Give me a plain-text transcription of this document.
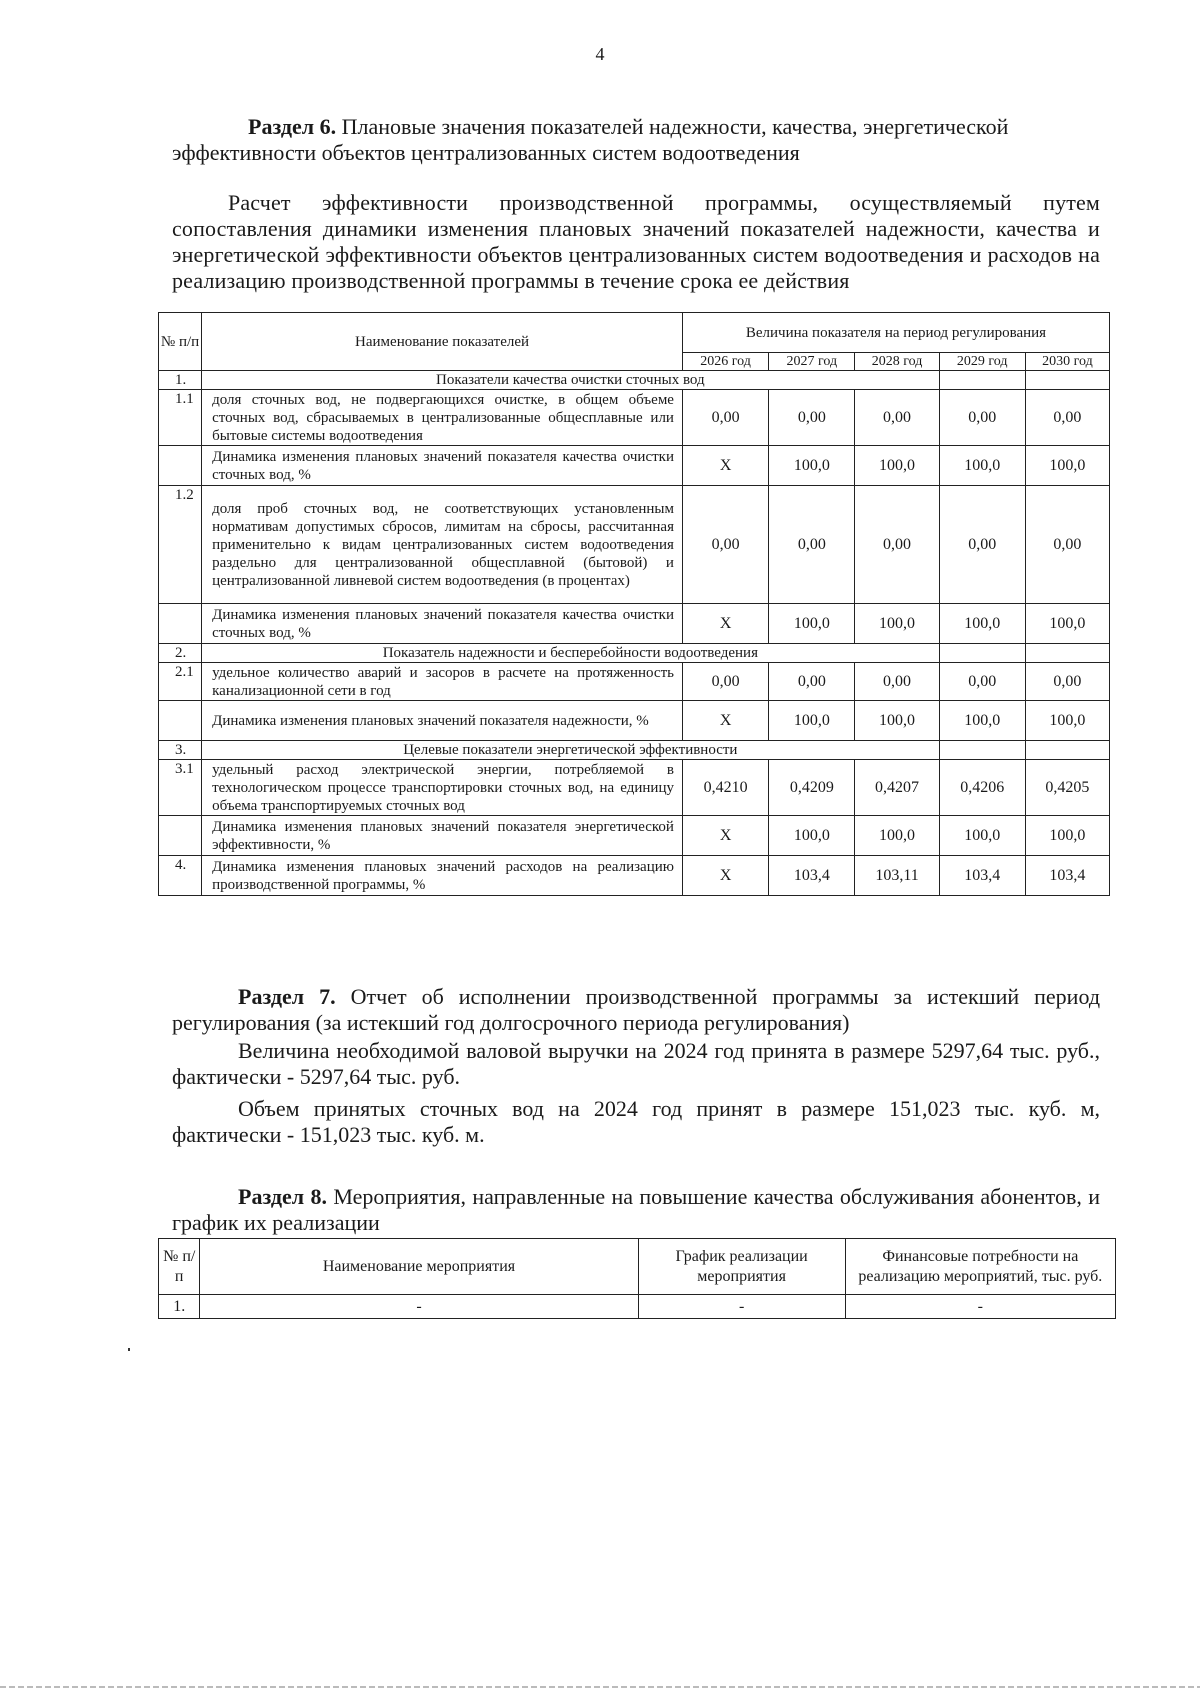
4
Раздел 6. Плановые значения показателей надежности, качества, энергетической
эффективности объектов централизованных систем водоотведения
Расчет эффективности производственной программы, осуществляемый путем сопоставления динамики изменения плановых значений показателей надежности, качества и энергетической эффективности объектов централизованных систем водоотведения и расходов на реализацию производственной программы в течение срока ее действия
№ п/п	Наименование показателей	Величина показателя на период регулирования				
		2026 год	2027 год	2028 год	2029 год	2030 год
1.	Показатели качества очистки сточных вод					
1.1	доля сточных вод, не подвергающихся очистке, в общем объеме сточных вод, сбрасываемых в централизованные общесплавные или бытовые системы водоотведения	0,00	0,00	0,00	0,00	0,00
	Динамика изменения плановых значений показателя качества очистки сточных вод, %	Х	100,0	100,0	100,0	100,0
1.2	доля проб сточных вод, не соответствующих установленным нормативам допустимых сбросов, лимитам на сбросы, рассчитанная применительно к видам централизованных систем водоотведения раздельно для централизованной общесплавной (бытовой) и централизованной ливневой систем водоотведения (в процентах)	0,00	0,00	0,00	0,00	0,00
	Динамика изменения плановых значений показателя качества очистки сточных вод, %	Х	100,0	100,0	100,0	100,0
2.	Показатель надежности и бесперебойности водоотведения					
2.1	удельное количество аварий и засоров в расчете на протяженность канализационной сети в год	0,00	0,00	0,00	0,00	0,00
	Динамика изменения плановых значений показателя надежности, %	Х	100,0	100,0	100,0	100,0
3.	Целевые показатели энергетической эффективности					
3.1	удельный расход электрической энергии, потребляемой в технологическом процессе транспортировки сточных вод, на единицу объема транспортируемых сточных вод	0,4210	0,4209	0,4207	0,4206	0,4205
	Динамика изменения плановых значений показателя энергетической эффективности, %	Х	100,0	100,0	100,0	100,0
4.	Динамика изменения плановых значений расходов на реализацию производственной программы, %	Х	103,4	103,11	103,4	103,4
Раздел 7. Отчет об исполнении производственной программы за истекший период регулирования (за истекший год долгосрочного периода регулирования)
Величина необходимой валовой выручки на 2024 год принята в размере 5297,64 тыс. руб., фактически - 5297,64 тыс. руб.
Объем принятых сточных вод на 2024 год принят в размере 151,023 тыс. куб. м, фактически - 151,023 тыс. куб. м.
Раздел 8. Мероприятия, направленные на повышение качества обслуживания абонентов, и график их реализации
№ п/п	Наименование мероприятия	График реализации мероприятия	Финансовые потребности на реализацию мероприятий, тыс. руб.
1.	-	-	-
